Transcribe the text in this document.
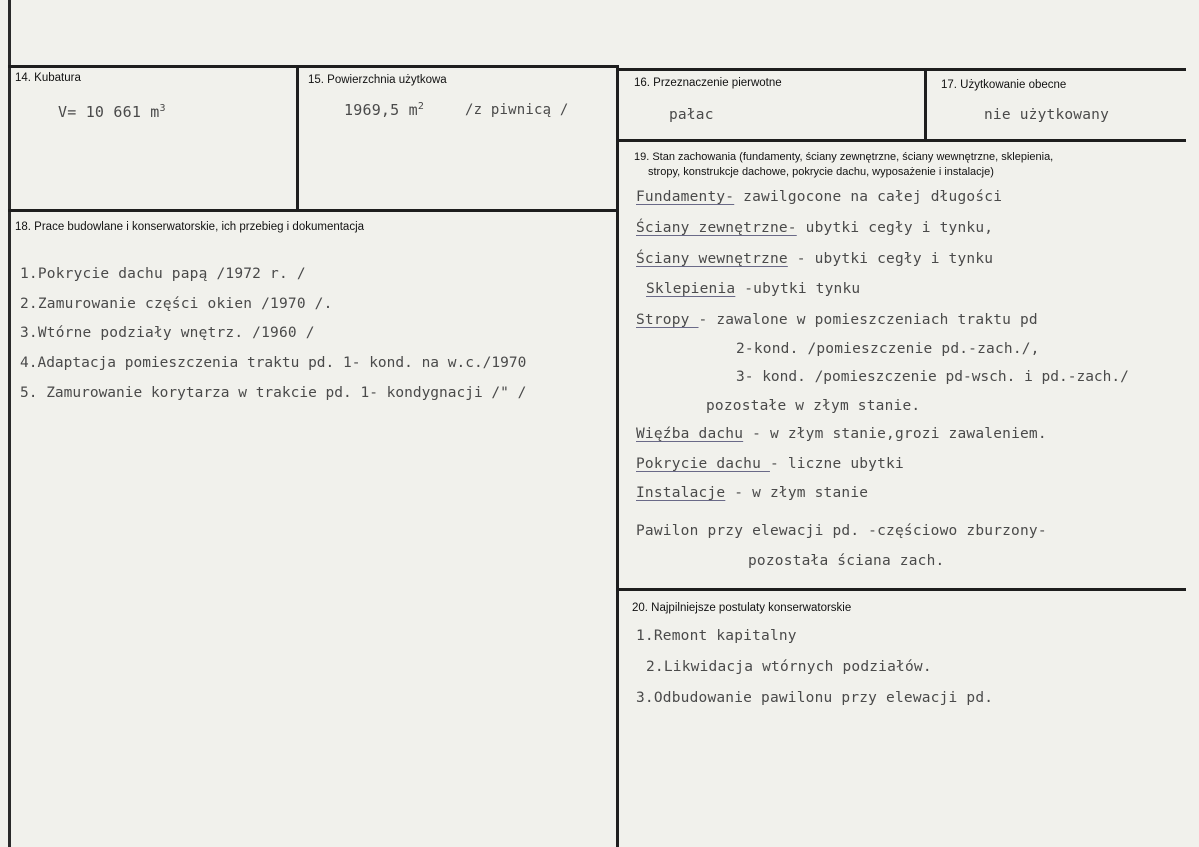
14. Kubatura
V= 10 661 $m^3$
15. Powierzchnia użytkowa
1969,5 $m^2$	/z piwnicą /
16. Przeznaczenie pierwotne
pałac
17. Użytkowanie obecne
nie użytkowany
18. Prace budowlane i konserwatorskie, ich przebieg i dokumentacja
1.Pokrycie dachu papą /1972 r. /
2.Zamurowanie części okien /1970 /.
3.Wtórne podziały wnętrz. /1960 /
4.Adaptacja pomieszczenia traktu pd. 1- kond. na w.c./1970
5. Zamurowanie korytarza w trakcie pd. 1- kondygnacji /" /
19. Stan zachowania (fundamenty, ściany zewnętrzne, ściany wewnętrzne, sklepienia,
stropy, konstrukcje dachowe, pokrycie dachu, wyposażenie i instalacje)
Fundamenty- zawilgocone na całej długości
Ściany zewnętrzne- ubytki cegły i tynku,
Ściany wewnętrzne - ubytki cegły i tynku
Sklepienia -ubytki tynku
Stropy - zawalone w pomieszczeniach traktu pd
2-kond. /pomieszczenie pd.-zach./,
3- kond. /pomieszczenie pd-wsch. i pd.-zach./
pozostałe w złym stanie.
Więźba dachu - w złym stanie,grozi zawaleniem.
Pokrycie dachu - liczne ubytki
Instalacje - w złym stanie
Pawilon przy elewacji pd. -częściowo zburzony-
pozostała ściana zach.
20. Najpilniejsze postulaty konserwatorskie
1.Remont kapitalny
2.Likwidacja wtórnych podziałów.
3.Odbudowanie pawilonu przy elewacji pd.
